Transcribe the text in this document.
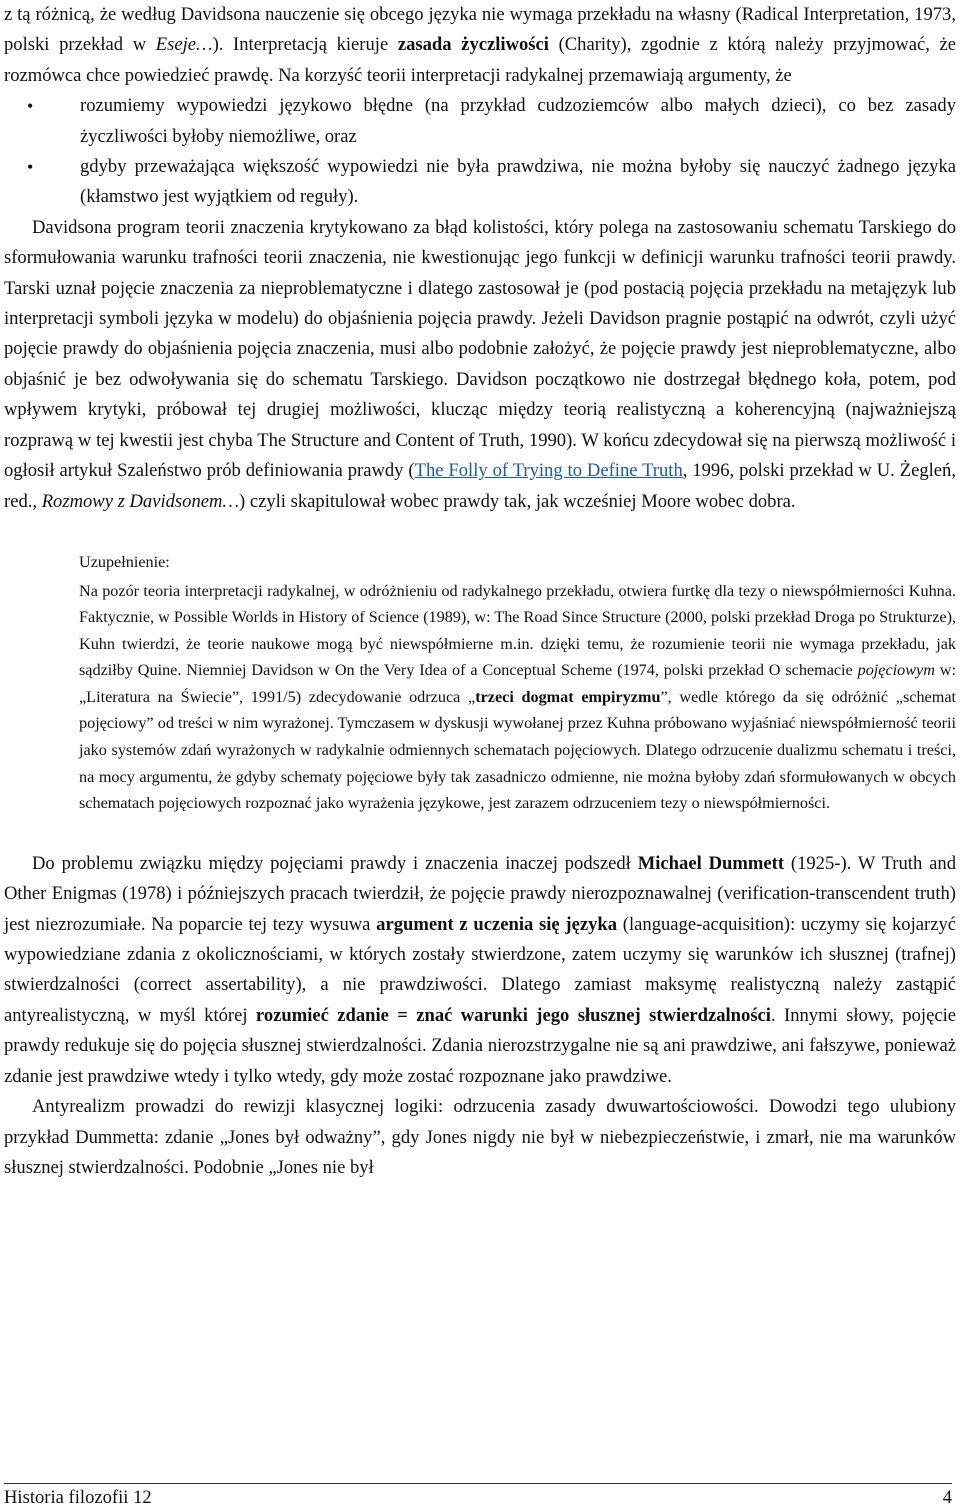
z tą różnicą, że według Davidsona nauczenie się obcego języka nie wymaga przekładu na własny (Radical Interpretation, 1973, polski przekład w Eseje…). Interpretacją kieruje zasada życzliwości (Charity), zgodnie z którą należy przyjmować, że rozmówca chce powiedzieć prawdę. Na korzyść teorii interpretacji radykalnej przemawiają argumenty, że

• rozumiemy wypowiedzi językowo błędne (na przykład cudzoziemców albo małych dzieci), co bez zasady życzliwości byłoby niemożliwe, oraz
• gdyby przeważająca większość wypowiedzi nie była prawdziwa, nie można byłoby się nauczyć żadnego języka (kłamstwo jest wyjątkiem od reguły).

Davidsona program teorii znaczenia krytykowano za błąd kolistości, który polega na zastosowaniu schematu Tarskiego do sformułowania warunku trafności teorii znaczenia, nie kwestionując jego funkcji w definicji warunku trafności teorii prawdy. Tarski uznał pojęcie znaczenia za nieproblematyczne i dlatego zastosował je (pod postacią pojęcia przekładu na metajęzyk lub interpretacji symboli języka w modelu) do objaśnienia pojęcia prawdy. Jeżeli Davidson pragnie postąpić na odwrót, czyli użyć pojęcie prawdy do objaśnienia pojęcia znaczenia, musi albo podobnie założyć, że pojęcie prawdy jest nieproblematyczne, albo objaśnić je bez odwoływania się do schematu Tarskiego. Davidson początkowo nie dostrzegał błędnego koła, potem, pod wpływem krytyki, próbował tej drugiej możliwości, klucząc między teorią realistyczną a koherencyjną (najważniejszą rozprawą w tej kwestii jest chyba The Structure and Content of Truth, 1990). W końcu zdecydował się na pierwszą możliwość i ogłosił artykuł Szaleństwo prób definiowania prawdy (The Folly of Trying to Define Truth, 1996, polski przekład w U. Żegleń, red., Rozmowy z Davidsonem…) czyli skapitulował wobec prawdy tak, jak wcześniej Moore wobec dobra.

Uzupełnienie:

Na pozór teoria interpretacji radykalnej, w odróżnieniu od radykalnego przekładu, otwiera furtkę dla tezy o niewspółmierności Kuhna. Faktycznie, w Possible Worlds in History of Science (1989), w: The Road Since Structure (2000, polski przekład Droga po Strukturze), Kuhn twierdzi, że teorie naukowe mogą być niewspółmierne m.in. dzięki temu, że rozumienie teorii nie wymaga przekładu, jak sądziłby Quine. Niemniej Davidson w On the Very Idea of a Conceptual Scheme (1974, polski przekład O schemacie pojęciowym w: „Literatura na Świecie”, 1991/5) zdecydowanie odrzuca „trzeci dogmat empiryzmu”, wedle którego da się odróżnić „schemat pojęciowy” od treści w nim wyrażonej. Tymczasem w dyskusji wywołanej przez Kuhna próbowano wyjaśniać niewspółmierność teorii jako systemów zdań wyrażonych w radykalnie odmiennych schematach pojęciowych. Dlatego odrzucenie dualizmu schematu i treści, na mocy argumentu, że gdyby schematy pojęciowe były tak zasadniczo odmienne, nie można byłoby zdań sformułowanych w obcych schematach pojęciowych rozpoznać jako wyrażenia językowe, jest zarazem odrzuceniem tezy o niewspółmierności.

Do problemu związku między pojęciami prawdy i znaczenia inaczej podszedł Michael Dummett (1925-). W Truth and Other Enigmas (1978) i późniejszych pracach twierdził, że pojęcie prawdy nierozpoznawalnej (verification-transcendent truth) jest niezrozumiałe. Na poparcie tej tezy wysuwa argument z uczenia się języka (language-acquisition): uczymy się kojarzyć wypowiedziane zdania z okolicznościami, w których zostały stwierdzone, zatem uczymy się warunków ich słusznej (trafnej) stwierdzalności (correct assertability), a nie prawdziwości. Dlatego zamiast maksymę realistyczną należy zastąpić antyrealistyczną, w myśl której rozumieć zdanie = znać warunki jego słusznej stwierdzalności. Innymi słowy, pojęcie prawdy redukuje się do pojęcia słusznej stwierdzalności. Zdania nierozstrzygalne nie są ani prawdziwe, ani fałszywe, ponieważ zdanie jest prawdziwe wtedy i tylko wtedy, gdy może zostać rozpoznane jako prawdziwe.

Antyrealizm prowadzi do rewizji klasycznej logiki: odrzucenia zasady dwuwartościowości. Dowodzi tego ulubiony przykład Dummetta: zdanie „Jones był odważny”, gdy Jones nigdy nie był w niebezpieczeństwie, i zmarł, nie ma warunków słusznej stwierdzalności. Podobnie „Jones nie był

Historia filozofii 12	4
